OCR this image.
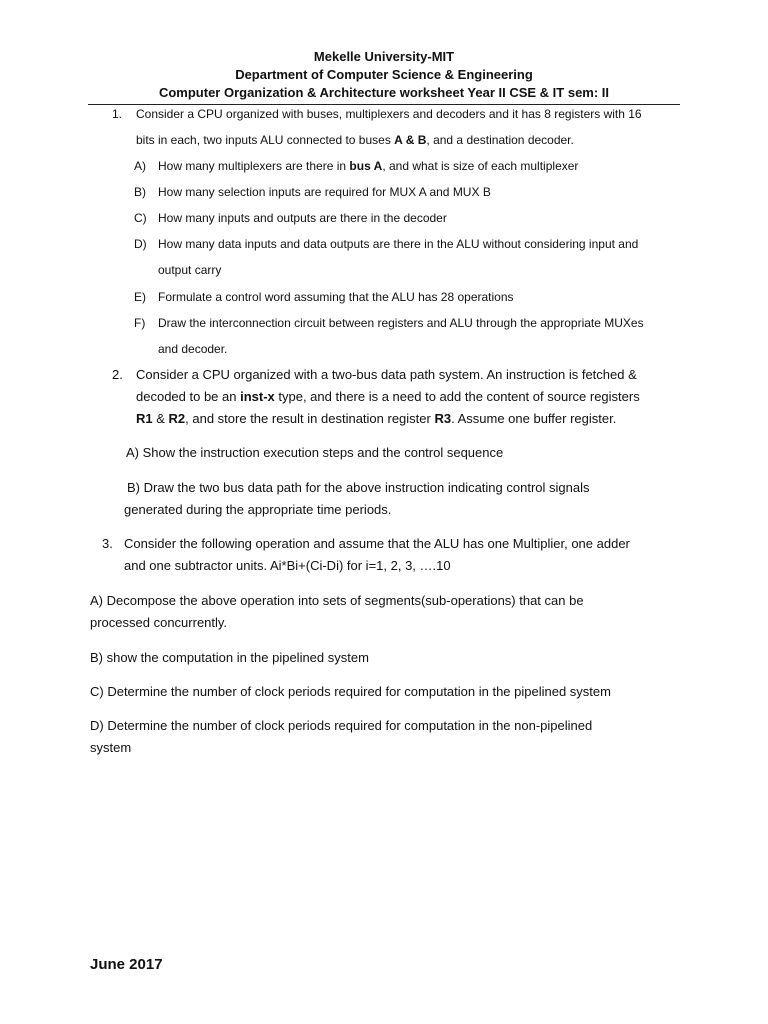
Mekelle University-MIT
Department of Computer Science & Engineering
Computer Organization & Architecture worksheet Year II CSE & IT sem: II
1. Consider a CPU organized with buses, multiplexers and decoders and it has 8 registers with 16
bits in each, two inputs ALU connected to buses A & B, and a destination decoder.
A) How many multiplexers are there in bus A, and what is size of each multiplexer
B) How many selection inputs are required for MUX A and MUX B
C) How many inputs and outputs are there in the decoder
D) How many data inputs and data outputs are there in the ALU without considering input and
output carry
E) Formulate a control word assuming that the ALU has 28 operations
F) Draw the interconnection circuit between registers and ALU through the appropriate MUXes
and decoder.
2. Consider a CPU organized with a two-bus data path system. An instruction is fetched &
decoded to be an inst-x type, and there is a need to add the content of source registers
R1 & R2, and store the result in destination register R3. Assume one buffer register.
A) Show the instruction execution steps and the control sequence
B) Draw the two bus data path for the above instruction indicating control signals
generated during the appropriate time periods.
3. Consider the following operation and assume that the ALU has one Multiplier, one adder
and one subtractor units. Ai*Bi+(Ci-Di) for i=1, 2, 3, ….10
A) Decompose the above operation into sets of segments(sub-operations) that can be
processed concurrently.
B) show the computation in the pipelined system
C) Determine the number of clock periods required for computation in the pipelined system
D) Determine the number of clock periods required for computation in the non-pipelined
system
June 2017
